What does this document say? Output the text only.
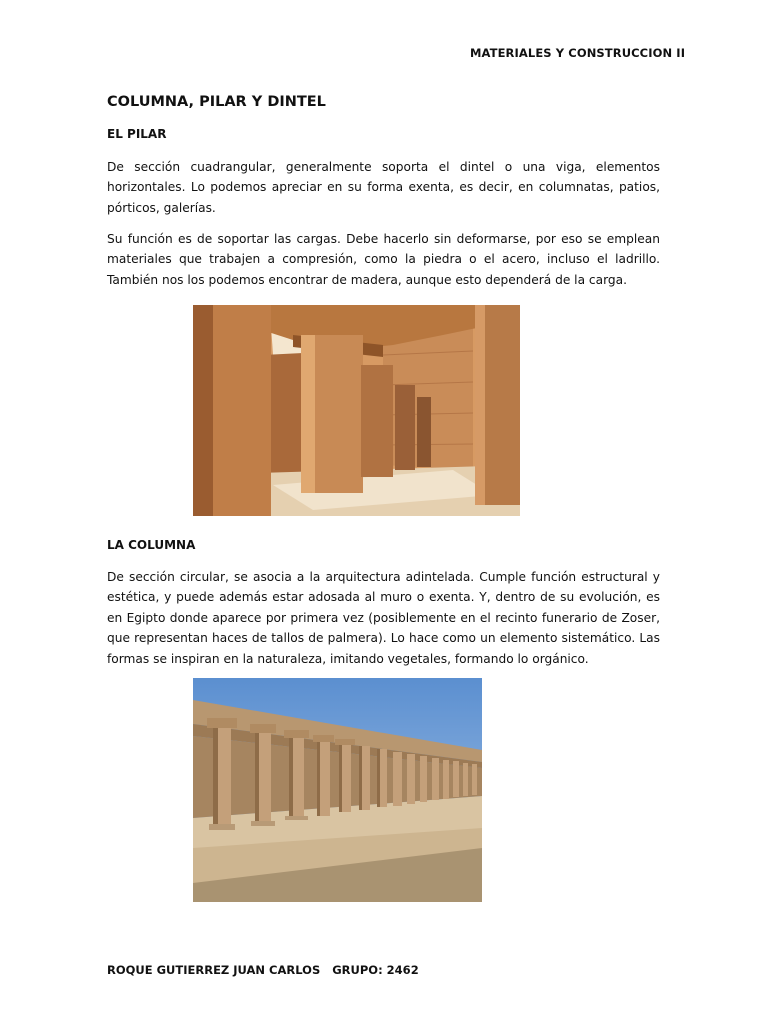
MATERIALES Y CONSTRUCCION II
COLUMNA, PILAR Y DINTEL
EL PILAR

De sección cuadrangular, generalmente soporta el dintel o una viga, elementos horizontales. Lo podemos apreciar en su forma exenta, es decir, en columnatas, patios, pórticos, galerías.

Su función es de soportar las cargas. Debe hacerlo sin deformarse, por eso se emplean materiales que trabajen a compresión, como la piedra o el acero, incluso el ladrillo. También nos los podemos encontrar de madera, aunque esto dependerá de la carga.

LA COLUMNA

De sección circular, se asocia a la arquitectura adintelada. Cumple función estructural y estética, y puede además estar adosada al muro o exenta. Y, dentro de su evolución, es en Egipto donde aparece por primera vez (posiblemente en el recinto funerario de Zoser, que representan haces de tallos de palmera). Lo hace como un elemento sistemático. Las formas se inspiran en la naturaleza, imitando vegetales, formando lo orgánico.

ROQUE GUTIERREZ JUAN CARLOS   GRUPO: 2462
